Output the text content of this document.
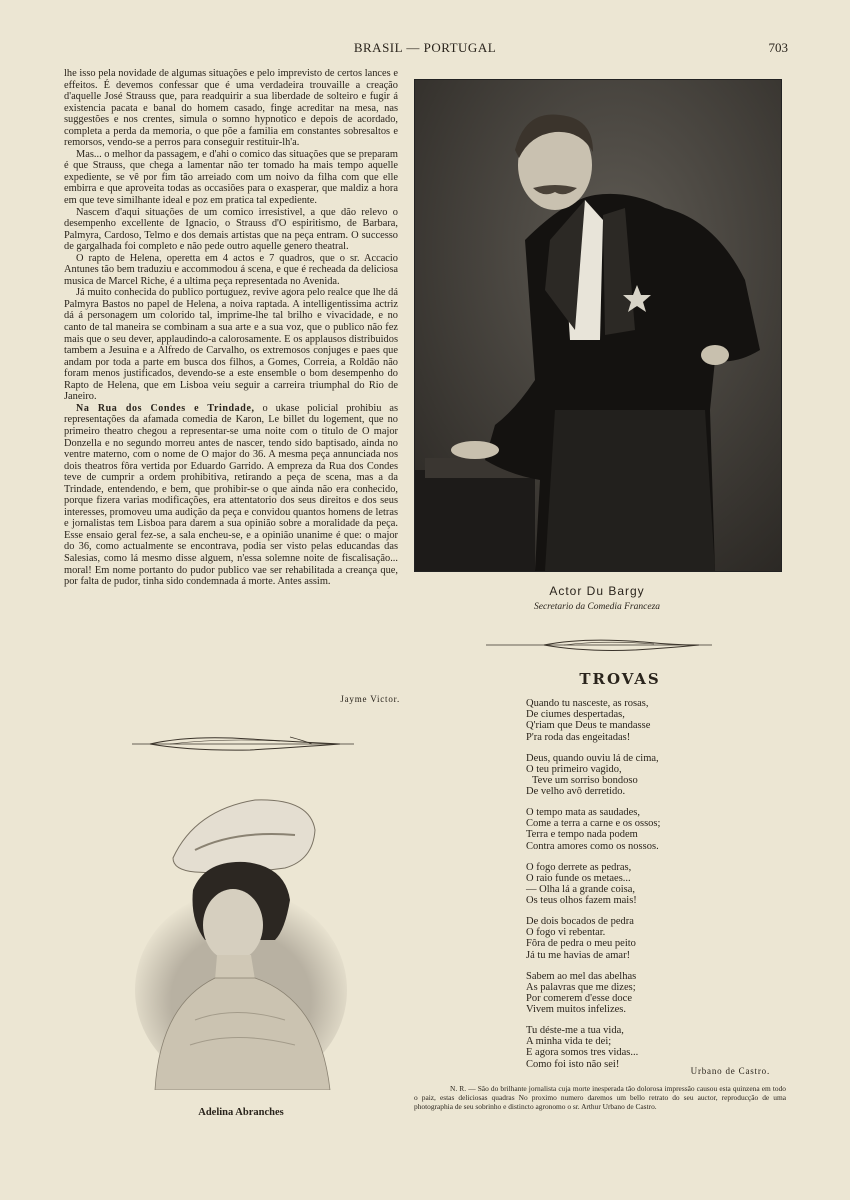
BRASIL — PORTUGAL	703

lhe isso pela novidade de algumas situações e pelo imprevisto de certos lances e effeitos. É devemos confessar que é uma verdadeira trouvaille a creação d'aquelle José Strauss que, para readquirir a sua liberdade de solteiro e fugir á existencia pacata e banal do homem casado, finge acreditar na mesa, nas suggestões e nos crentes, simula o somno hypnotico e depois de acordado, completa a perda da memoria, o que põe a familia em constantes sobresaltos e remorsos, vendo-se a perros para conseguir restituir-lh'a.

Mas... o melhor da passagem, e d'ahi o comico das situações que se preparam é que Strauss, que chega a lamentar não ter tomado ha mais tempo aquelle expediente, se vê por fim tão arreiado com um noivo da filha com que elle embirra e que aproveita todas as occasiões para o exasperar, que maldiz a hora em que teve similhante ideal e poz em pratica tal expediente.

Nascem d'aqui situações de um comico irresistivel, a que dão relevo o desempenho excellente de Ignacio, o Strauss d'O espiritismo, de Barbara, Palmyra, Cardoso, Telmo e dos demais artistas que na peça entram. O successo de gargalhada foi completo e não pede outro aquelle genero theatral.

O rapto de Helena, operetta em 4 actos e 7 quadros, que o sr. Accacio Antunes tão bem traduziu e accommodou á scena, e que é recheada da deliciosa musica de Marcel Riche, é a ultima peça representada no Avenida.

Já muito conhecida do publico portuguez, revive agora pelo realce que lhe dá Palmyra Bastos no papel de Helena, a noiva raptada. A intelligentissima actriz dá á personagem um colorido tal, imprime-lhe tal brilho e vivacidade, e no canto de tal maneira se combinam a sua arte e a sua voz, que o publico não fez mais que o seu dever, applaudindo-a calorosamente. E os applausos distribuidos tambem a Jesuina e a Alfredo de Carvalho, os extremosos conjuges e paes que andam por toda a parte em busca dos filhos, a Gomes, Correia, a Roldão não foram menos justificados, devendo-se a este ensemble o bom desempenho do Rapto de Helena, que em Lisboa veiu seguir a carreira triumphal do Rio de Janeiro.

Na Rua dos Condes e Trindade, o ukase policial prohibiu as representações da afamada comedia de Karon, Le billet du logement, que no primeiro theatro chegou a representar-se uma noite com o titulo de O major Donzella e no segundo morreu antes de nascer, tendo sido baptisado, ainda no ventre materno, com o nome de O major do 36. A mesma peça annunciada nos dois theatros fôra vertida por Eduardo Garrido. A empreza da Rua dos Condes teve de cumprir a ordem prohibitiva, retirando a peça de scena, mas a da Trindade, entendendo, e bem, que prohibir-se o que ainda não era conhecido, porque fizera varias modificações, era attentatorio dos seus direitos e dos seus interesses, promoveu uma audição da peça e convidou quantos homens de letras e jornalistas tem Lisboa para darem a sua opinião sobre a moralidade da peça. Esse ensaio geral fez-se, a sala encheu-se, e a opinião unanime é que: o major do 36, como actualmente se encontrava, podia ser visto pelas educandas das Salesias, como lá mesmo disse alguem, n'essa solemne noite de fiscalisação... moral! Em nome portanto do pudor publico vae ser rehabilitada a creança que, por falta de pudor, tinha sido condemnada á morte. Antes assim.

Jayme Victor.
Actor Du Bargy
Secretario da Comedia Franceza
Adelina Abranches
TROVAS
Quando tu nasceste, as rosas,
De ciumes despertadas,
Q'riam que Deus te mandasse
P'ra roda das engeitadas!
Deus, quando ouviu lá de cima,
O teu primeiro vagido,
Teve um sorriso bondoso
De velho avô derretido.
O tempo mata as saudades,
Come a terra a carne e os ossos;
Terra e tempo nada podem
Contra amores como os nossos.
O fogo derrete as pedras,
O raio funde os metaes...
— Olha lá a grande coisa,
Os teus olhos fazem mais!
De dois bocados de pedra
O fogo vi rebentar.
Fôra de pedra o meu peito
Já tu me havias de amar!
Sabem ao mel das abelhas
As palavras que me dizes;
Por comerem d'esse doce
Vivem muitos infelizes.
Tu déste-me a tua vida,
A minha vida te dei;
E agora somos tres vidas...
Como foi isto não sei!
Urbano de Castro.
N. R. — São do brilhante jornalista cuja morte inesperada tão dolorosa impressão causou esta quinzena em todo o paiz, estas deliciosas quadras No proximo numero daremos um bello retrato do seu auctor, reproducção de uma photographia de seu sobrinho e distincto agronomo o sr. Arthur Urbano de Castro.
